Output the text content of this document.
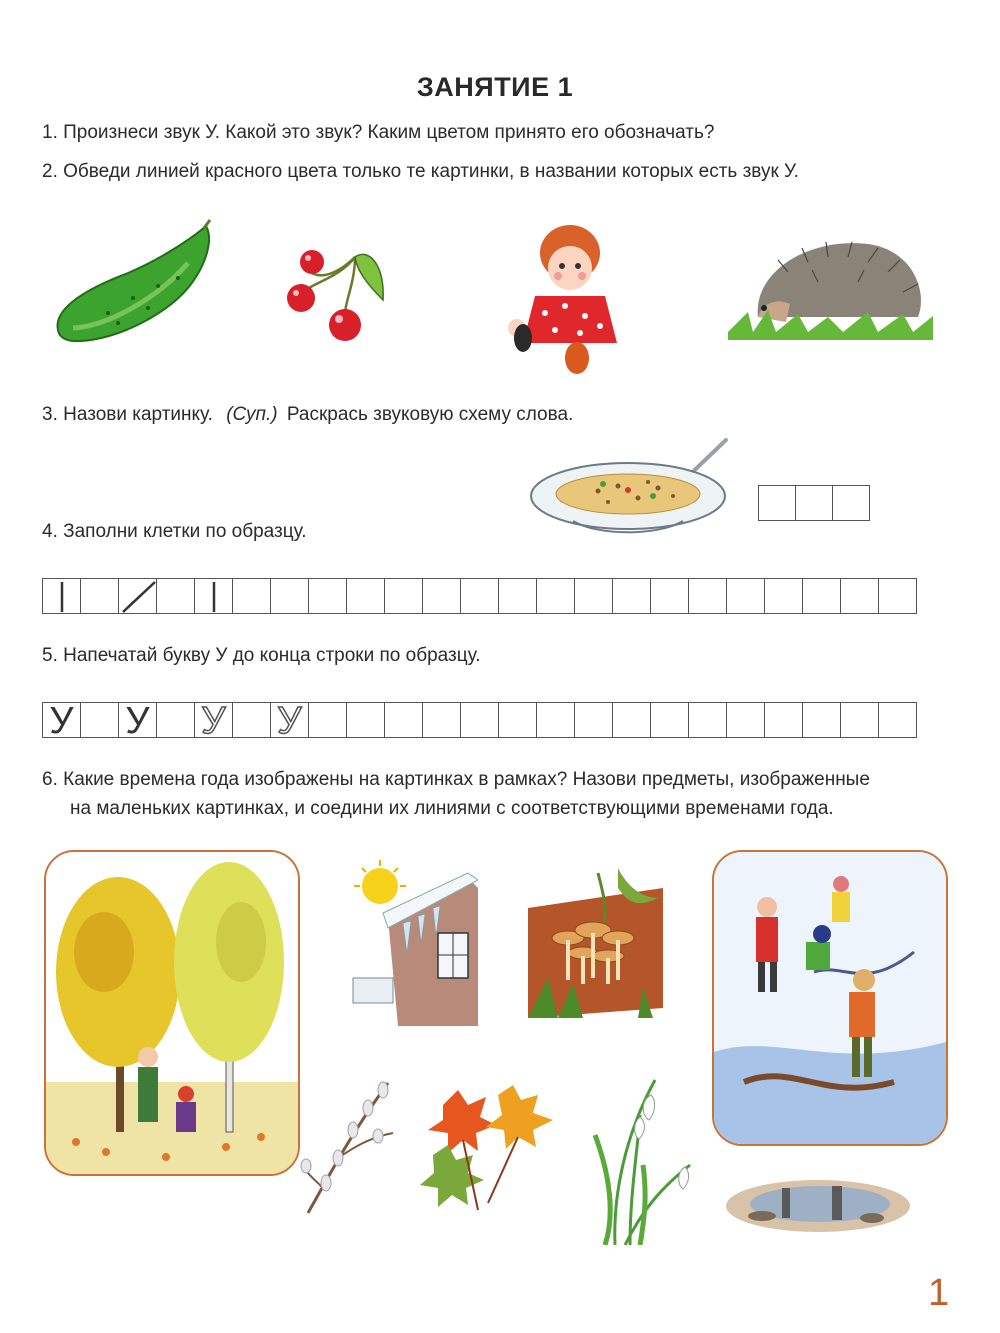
ЗАНЯТИЕ 1
1. Произнеси звук У. Какой это звук? Каким цветом принято его обозначать?
2. Обведи линией красного цвета только те картинки, в названии которых есть звук У.
3. Назови картинку. (Суп.) Раскрась звуковую схему слова.
4. Заполни клетки по образцу.
5. Напечатай букву У до конца строки по образцу.
У У У У
6. Какие времена года изображены на картинках в рамках? Назови предметы, изображенные
на маленьких картинках, и соедини их линиями с соответствующими временами года.
1
